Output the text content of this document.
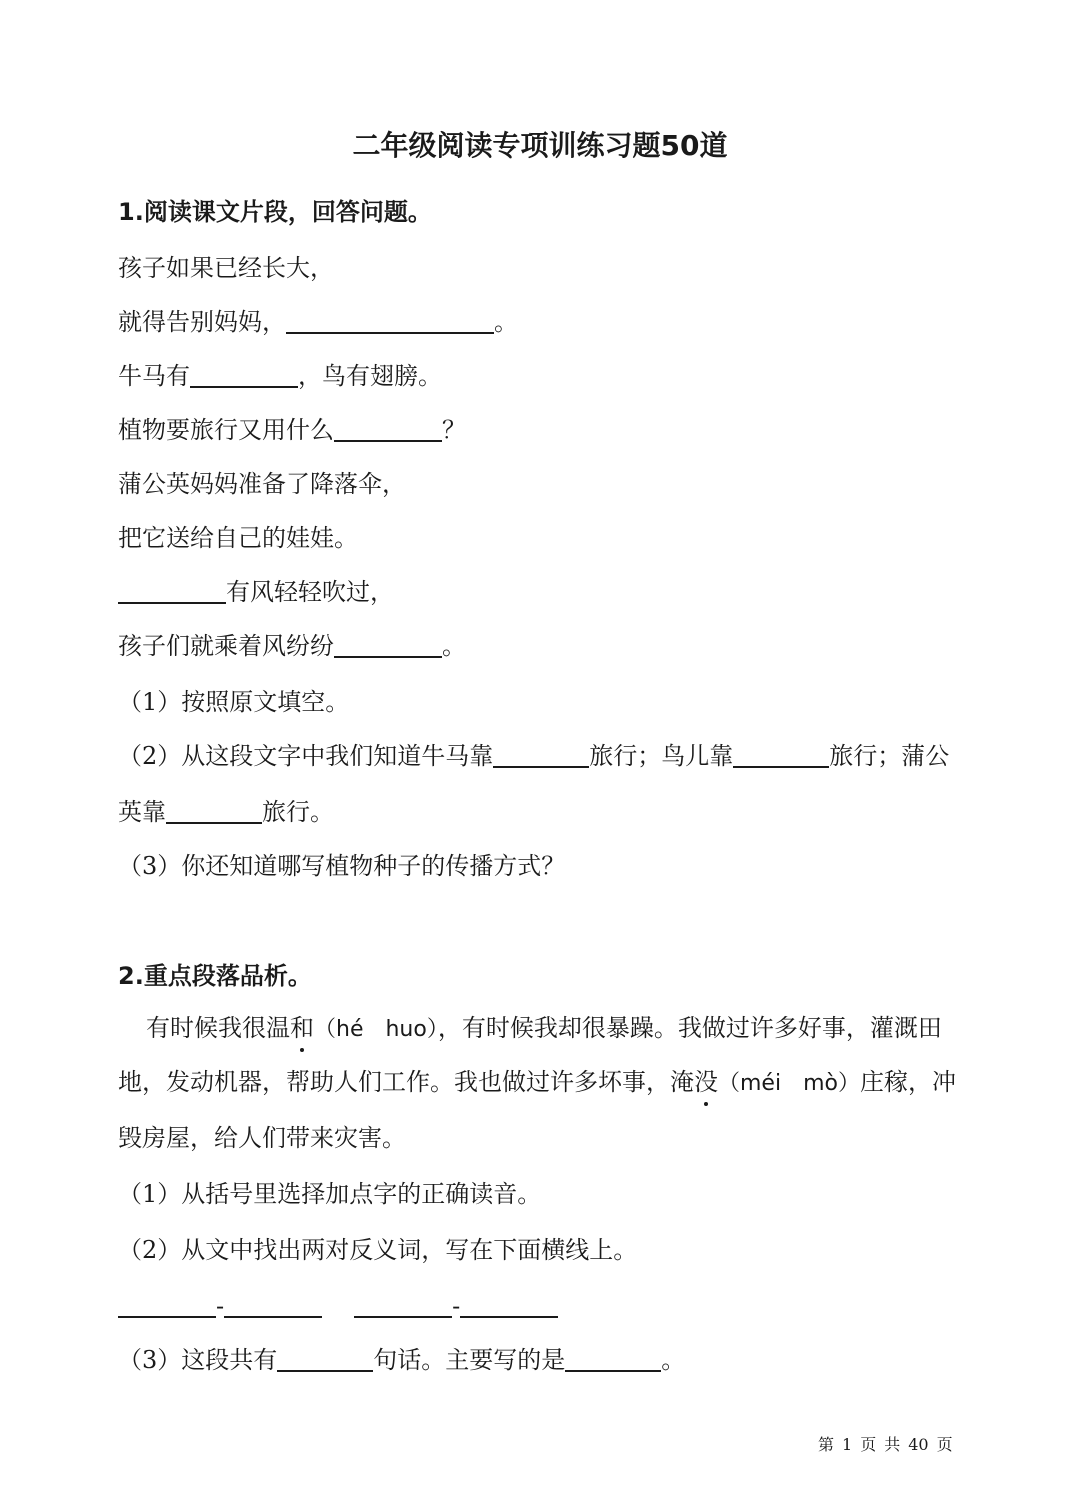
二年级阅读专项训练习题50道
1.阅读课文片段，回答问题。
孩子如果已经长大，
就得告别妈妈，	。
牛马有	，鸟有翅膀。
植物要旅行又用什么	？
蒲公英妈妈准备了降落伞，
把它送给自己的娃娃。
有风轻轻吹过，
孩子们就乘着风纷纷	。
（1）按照原文填空。
（2）从这段文字中我们知道牛马靠	旅行；鸟儿靠	旅行；蒲公
英靠	旅行。
（3）你还知道哪写植物种子的传播方式？
2.重点段落品析。
有时候我很温和（hé　huo），有时候我却很暴躁。我做过许多好事，灌溉田
地，发动机器，帮助人们工作。我也做过许多坏事，淹没（méi　mò）庄稼，冲
毁房屋，给人们带来灾害。
（1）从括号里选择加点字的正确读音。
（2）从文中找出两对反义词，写在下面横线上。
-	-
（3）这段共有	句话。主要写的是	。
第 1 页 共 40 页
